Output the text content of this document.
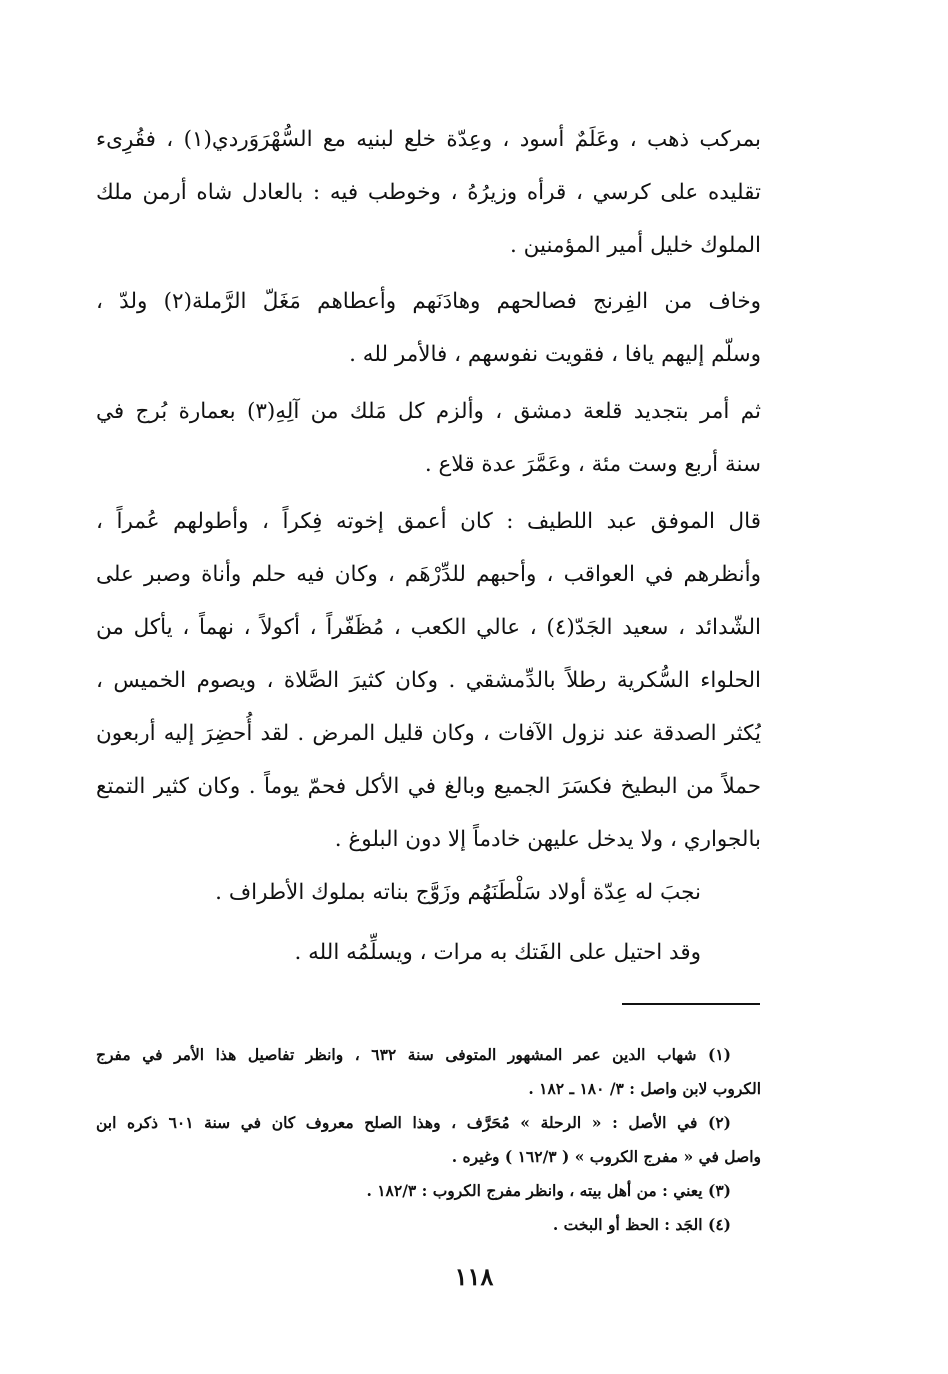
بمركب ذهب ، وعَلَمٌ أسود ، وعِدّة خلع لبنيه مع السُّهْرَوَردي(١) ، فقُرِىء
تقليده على كرسي ، قرأه وزيرُهُ ، وخوطب فيه : بالعادل شاه أرمن ملك
الملوك خليل أمير المؤمنين .
وخاف من الفِرنج فصالحهم وهادَنَهم وأعطاهم مَغَلّ الرَّملة(٢) ولدّ ،
وسلّم إليهم يافا ، فقويت نفوسهم ، فالأمر لله .
ثم أمر بتجديد قلعة دمشق ، وألزم كل مَلك من آلِهِ(٣) بعمارة بُرج في
سنة أربع وست مئة ، وعَمَّرَ عدة قلاع .
قال الموفق عبد اللطيف : كان أعمق إخوته فِكراً ، وأطولهم عُمراً ،
وأنظرهم في العواقب ، وأحبهم للدِّرْهَم ، وكان فيه حلم وأناة وصبر على
الشّدائد ، سعيد الجَدّ(٤) ، عالي الكعب ، مُظَفّراً ، أكولاً ، نهماً ، يأكل من
الحلواء السُّكرية رطلاً بالدِّمشقي . وكان كثيرَ الصَّلاة ، ويصوم الخميس ،
يُكثر الصدقة عند نزول الآفات ، وكان قليل المرض . لقد أُحضِرَ إليه أربعون
حملاً من البطيخ فكسَرَ الجميع وبالغ في الأكل فحمّ يوماً . وكان كثير التمتع
بالجواري ، ولا يدخل عليهن خادماً إلا دون البلوغ .
نجبَ له عِدّة أولاد سَلْطَنَهُم وزَوَّج بناته بملوك الأطراف .
وقد احتيل على الفَتك به مرات ، ويسلِّمُه الله .
(١) شهاب الدين عمر المشهور المتوفى سنة ٦٣٢ ، وانظر تفاصيل هذا الأمر في مفرج
الكروب لابن واصل : ٣/ ١٨٠ ـ ١٨٢ .
(٢) في الأصل : « الرحلة » مُحَرَّف ، وهذا الصلح معروف كان في سنة ٦٠١ ذكره ابن
واصل في « مفرج الكروب » ( ١٦٢/٣ ) وغيره .
(٣) يعني : من أهل بيته ، وانظر مفرج الكروب : ١٨٢/٣ .
(٤) الجَد : الحظ أو البخت .
١١٨
